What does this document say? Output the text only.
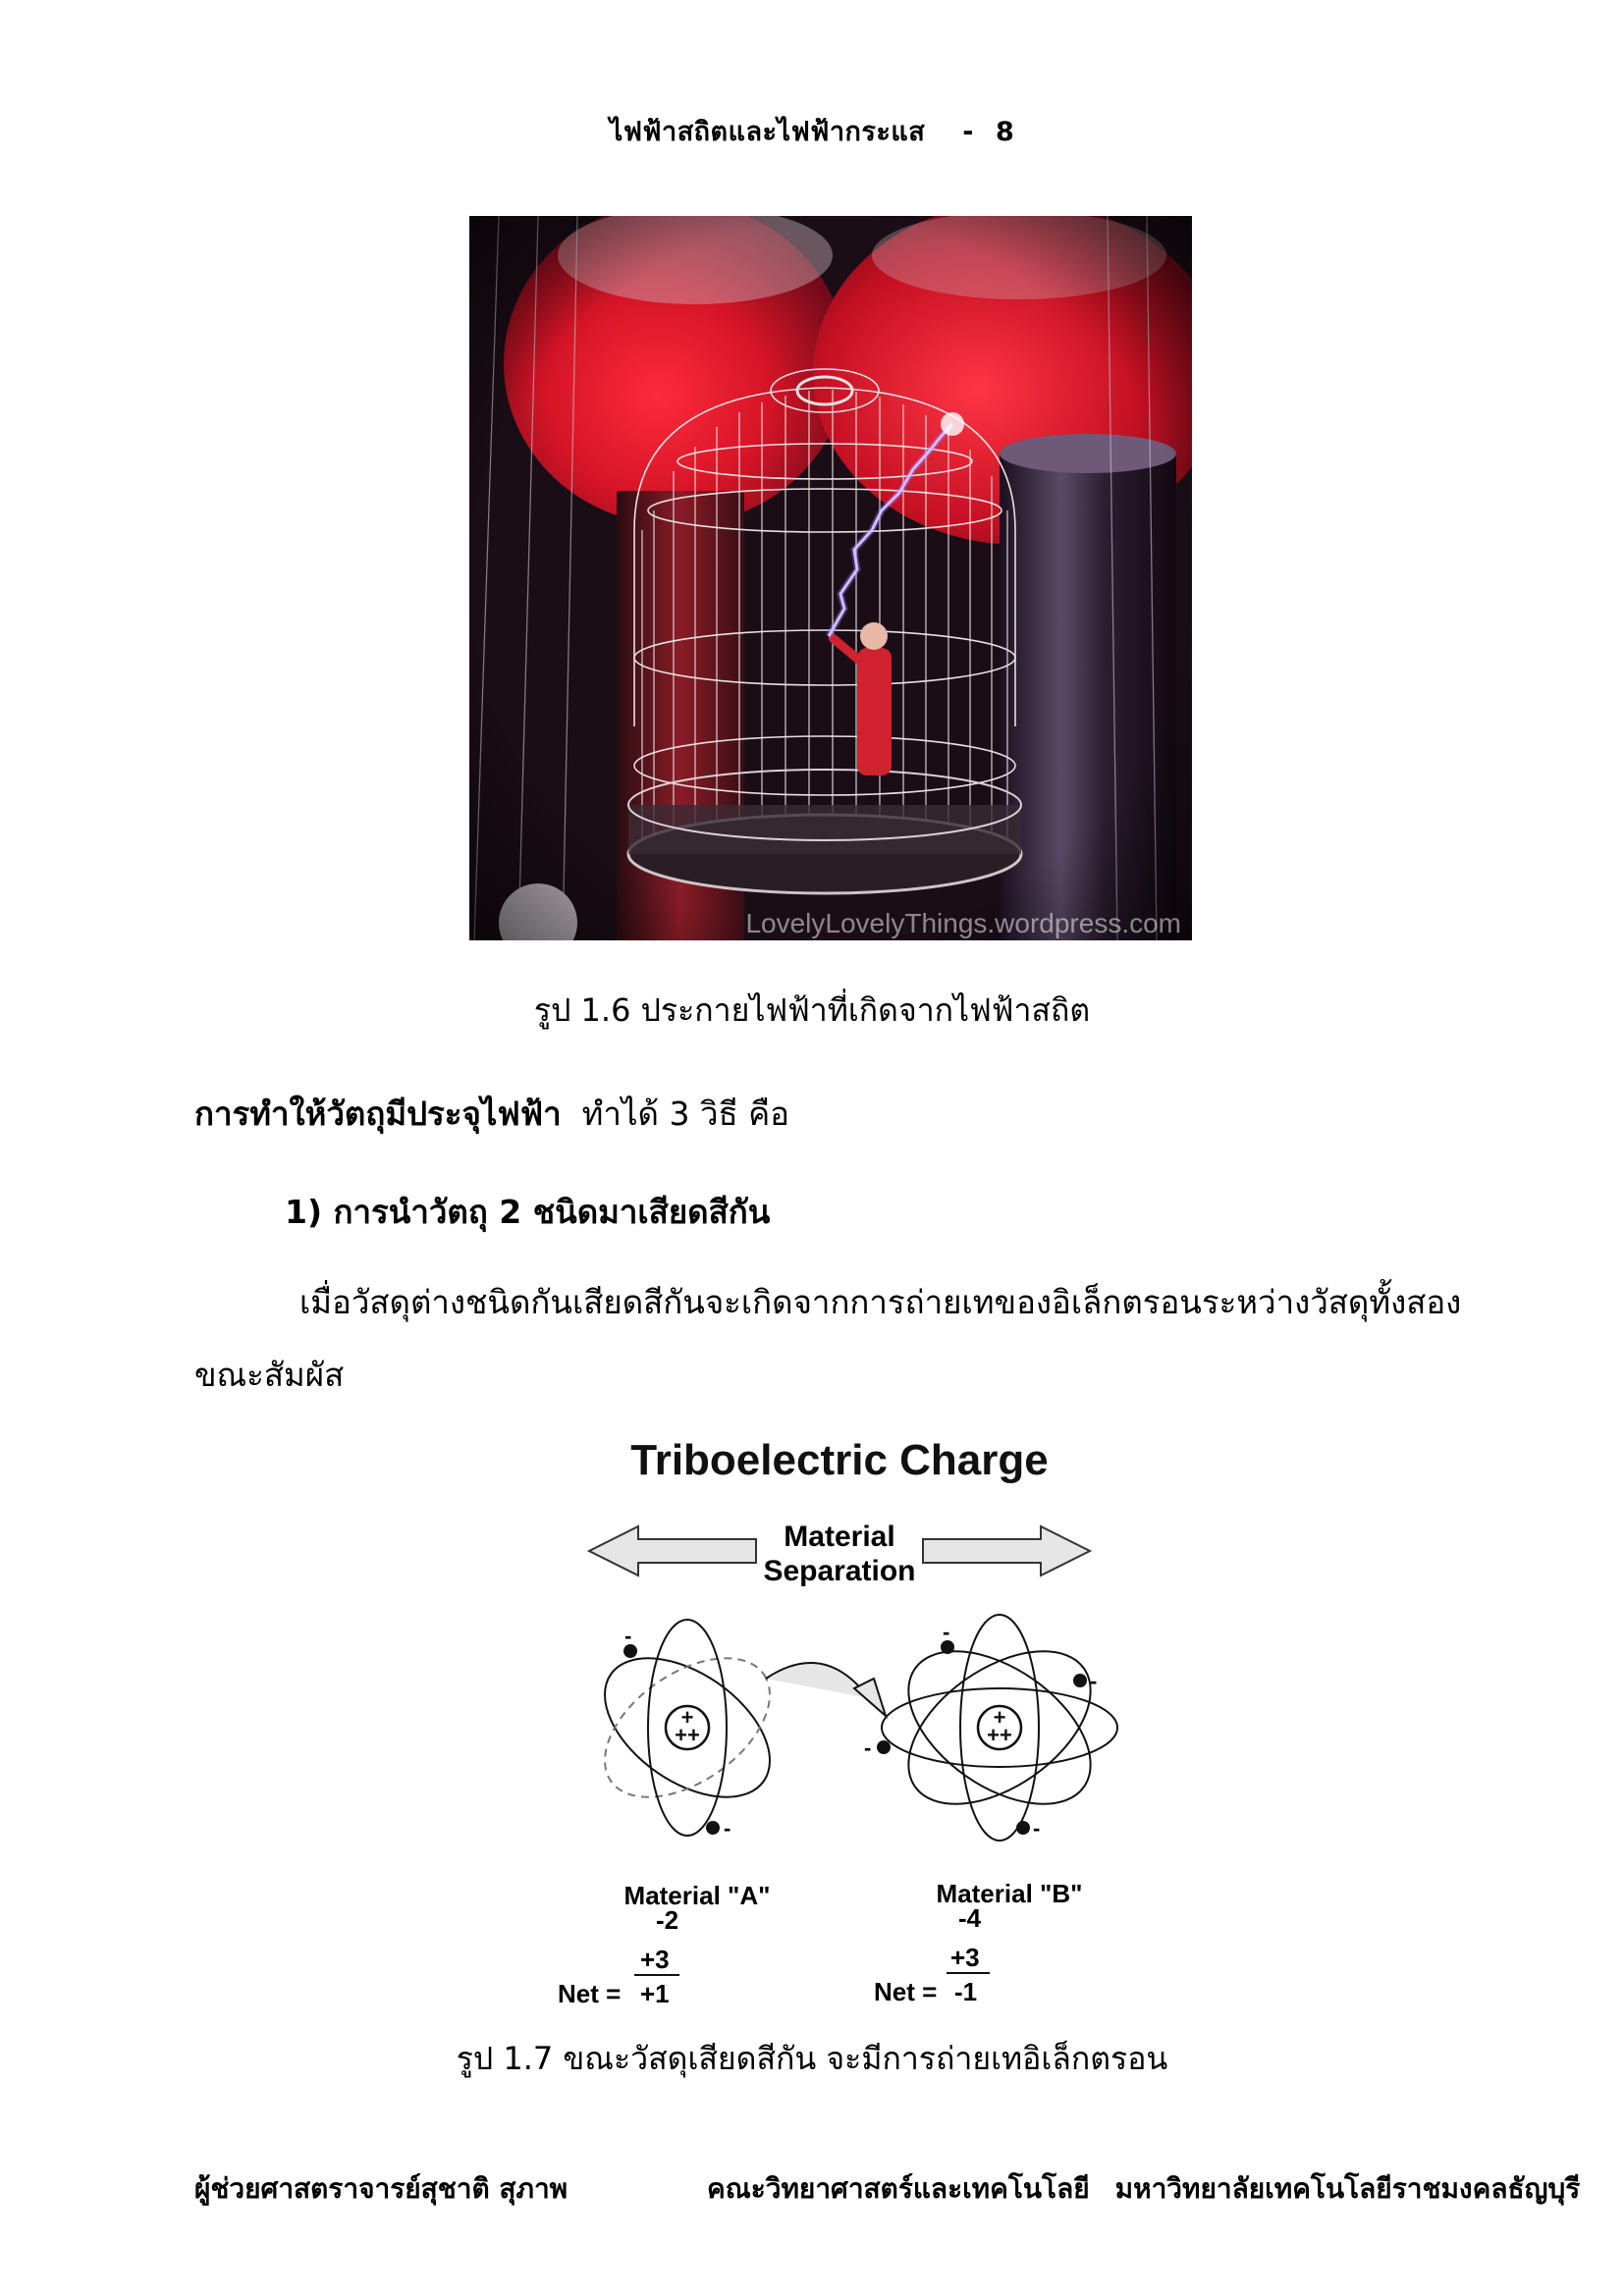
ไฟฟ้าสถิตและไฟฟ้ากระแส - 8
LovelyLovelyThings.wordpress.com
รูป 1.6 ประกายไฟฟ้าที่เกิดจากไฟฟ้าสถิต
การทำให้วัตถุมีประจุไฟฟ้า ทำได้ 3 วิธี คือ
1) การนำวัตถุ 2 ชนิดมาเสียดสีกัน
เมื่อวัสดุต่างชนิดกันเสียดสีกันจะเกิดจากการถ่ายเทของอิเล็กตรอนระหว่างวัสดุทั้งสอง
ขณะสัมผัส
Triboelectric Charge
Material
Separation
+
++
-
-
+
++
-
-
-
-
Material "A"
-2
+3
Net = +1
Material "B"
-4
+3
Net = -1
รูป 1.7 ขณะวัสดุเสียดสีกัน จะมีการถ่ายเทอิเล็กตรอน
ผู้ช่วยศาสตราจารย์สุชาติ สุภาพ	คณะวิทยาศาสตร์และเทคโนโลยี มหาวิทยาลัยเทคโนโลยีราชมงคลธัญบุรี
